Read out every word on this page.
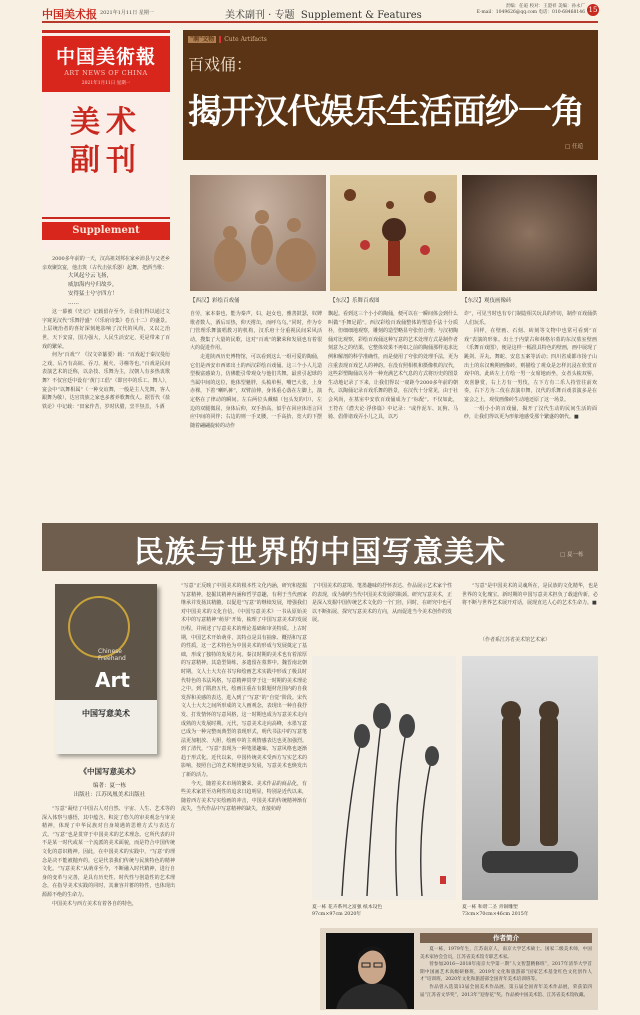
中国美术报 2021年1月11日 星期一	美术副刊 · 专题 Supplement & Features
责编：任逅 校对：王澄祥 美编：孙永广
E-mail：1049626@qq.com 电话：010-68468146 15
中国美術報
ART NEWS OF CHINA
2021年1月11日 星期一
美术副刊
Supplement
"萌"文物 Cute Artifacts
百戏俑：
揭开汉代娱乐生活面纱一角
□ 任逅
【西汉】彩绘百戏俑	【东汉】乐舞百戏图	【东汉】观伎画像砖

2000多年前的一天，汉高祖刘邦在家乡沛县与父老乡亲欢聚饮宴，他击筑（古代击弦乐器）起舞，把酒当歌：

大风起兮云飞扬，
威加海内兮归故乡，
安得猛士兮守四方！
……

这一幕被《史记》记载留存至今，让我们得以通过文字窥见汉代“乐舞抒盛”（《乐府诗集》卷五十二）的盛景。上层统治者的喜好深刻地影响了汉代的风尚，又以之治世，天下安富，国力强大，人民生活安定，更是带来了百戏的繁荣。

何为“百戏”？《汉文帝纂要》载：“百戏起于秦汉曼衍之戏，后乃有高絙、吞刀、履火、寻橦等也。”百戏是民间表演艺术的泛称，以杂技、乐舞为主，汉朝人有多热衷歌舞？不仅宫廷中设有“黄门工倡”（即宫中的乐工、舞人），宴会中“以舞相属”（一种交谊舞，一般是主人先舞，客人跟舞为敬），达官贵族之家也多蓄养歌舞伎人。据晋代《盐铁论》中记载：“田家作苦，岁时伏腊，烹羊炰羔，斗酒

自劳，家本秦也，能为秦声，妇，赵女也，雅善鼓瑟，奴婢歌者数人，酒后耳热，仰天拊缶，而呼乌乌。”同时，作为专门管理乐舞演唱教习的机构，汉乐府十分重视民间采风活动，搜集了大量的民歌，这对“百戏”的繁荣和发展也有着很大的促进作用。

走进陕西历史博物馆，可以看到这么一组可爱的陶俑，它们是西安市西郊出土的西汉彩绘百戏俑。这三个小人儿造型极富感染力，仿佛能引带观众与他们共舞。最喜引起球的当属中间的这位，他体型魁胖，头梳单髻，嘴巴大张，上身赤裸，下着“喇叭裤”，双臂前伸，身体重心落在左脚上，演定格在了律动的瞬间。左右两位头戴帻（包头发的巾），左边的双腿微屈，身体后仰，双手抬高，似乎在回应体语言回应中间的同伴；右边的则一手叉腰，一手高抬，宽大的下摆随着翩翩旋转的动作

飘起。看到这三个小小的陶俑，便可以在一瞬间体会到什么叫做“手舞足蹈”。西汉彩绘百戏俑整体的塑造手法十分质朴，但细细地观察，雕刻的造型略显夸张但合理；与汉初陶俑对比观察，彩绘百戏俑这种写意的艺术处理方式是制作者刻意为之的结果，它整体效果不再如之前的陶俑那样追求比例和解剖的科学准确性，而是使用了夸张的处理手法，更为注重表现百戏艺人的神韵。在没有照相机和摄像机的汉代，这些彩塑陶俑以另外一种充满艺术气息的方式将历史的图景生动地记录了下来，让我们得以一窥距今2000多年前的朝代。以陶俑记录百戏乐舞的胜景，在汉代十分常见，由于社会风尚，在墓室中安放百戏俑成为了“标配”。不仅如此，王符在《潜夫论·浮侈篇》中记录：“或作泥车、瓦狗、马骑、倡俳诸戏弄小儿之具，以巧

诈”，可见当时也有专门制造相关玩具的作坊，制作百戏俑供人们玩乐。

同样，在壁画、石刻、砖刻等文物中也常可看到“百戏”表演的形象。出土于内蒙古和林格尔墓的东汉墓室壁画《乐舞百戏图》，便是这样一幅很具特色的壁画，画中展现了跳剑、弄丸、舞蛇、安息五案等活动；四川省成都市扬子山出土的东汉晚期画像砖，则描绘了观众是怎样沉浸在欣赏百戏中的。此砖左上方绘一男一女席地而坐，女者头梳双髻，欢喜静赏，右上方有一男伎，左下方有二乐人持管往前欢奏，右下方为二伎在表演巾舞，汉代的乐舞百戏表演多是在宴会之上，观伎画像砖生动地还原了这一场景。

一组小小的百戏俑，揭开了汉代生动的民间生活的面纱，让我们得以更为形象地感受那个繁盛的朝代。■

民族与世界的中国写意美术	□ 夏一栋
Chinese
Freehand
Art
中国写意美术
《中国写意美术》
编著：夏一栋
出版社：江苏凤凰美术出版社

“写意”凝结了中国古人对自然、宇宙、人生、艺术等的深入体察与感悟，其中蕴含、积淀了悠久的审美观念与审美精神，体现了中华民族对自身境遇的思维方式与表达方式。“写意”也是贯穿于中国美术的艺术理念。它所代表的并不是某一时代或某一个流派的美术面貌，而是符合中国传统文化的意识精神。因此，在中国美术的实践中，“写意”的理念是决不能被抛弃的，它是代表我们传统与民族特色的精神文化。“写意美术”从萌芽至今，不断融入时代精神，进行自身的变革与完善，是具有历史性、时代性与创造性的艺术理念，在指导美术实践的同时，其兼容并蓄的特性，也体现出源源不绝的生命力。

中国美术与西方美术有着各自的特色，

“写意”正反映了中国美术的根本性文化内涵，研究和挖掘写意精神，挖掘其精神内涵和哲学意趣，有利于当代画家继承并发扬其精髓，以促进“写意”的继续发展，增强我们对中国美术的文化自信。《中国写意美术》一书从原始美术中的写意精神“萌芽”开始，梳理了中国写意美术的发展历程，并阐述了写意美术的理论基础和审美特质。上古时期，中国艺术开始萌芽，其特点是具有抽象、概括和写意的性质，这一艺术特色为中国美术的形成与发展奠定了基础，形成了独特的发展方向。秦汉时期的美术也有着浓厚的写意精神，其造型简练，多遗留在墓葬中。魏晋南北朝时期，文人士大夫在书写和绘画艺术实践中形成了极具时代特色的书法风格，写意精神贯穿于这一时期的美术理论之中。到了隋唐五代，绘画注重在有限题材范围内的自我发挥和美感的表达，进入到了“写意”的“自觉”阶段。宋代文人士大夫之间所形成的文人画观念，表现出一种自我抒发、打发情怀的写意风格，这一时期也成为写意美术走向成熟的大发展时期。元代，写意美术走向高峰，水墨写意已成为一种完整而典型的表现形式，明代书法中的写意笔法更加粗放、大胆，绘画中的主观情感表达也更加强烈。到了清代，“写意”表现为一种笔墨趣味，写意风格也逐渐趋于形式化。近代以来，中国传统美术受西方写实艺术的影响，按照自己的艺术规律逐步发展，写意美术也焕发出了新的活力。

今天，随着美术市场的繁荣、美术作品的商品化，有些美术家甚至功利性的追求日趋明显，特别是近代以来，随着西方美术写实绘画的冲击，中国美术的传统精神渐有流失，当代作品中写意精神的缺失，直接妨碍

了中国美术的意境、笔墨趣味的抒怀表达、作品展示艺术家个性的表现，成为制约当代中国美术发展的瓶颈。研究写意美术，正是深入发掘中国传统艺术文化的一个门径，同时，在研究中也可以不断拓展、探究写意美术的方向，从而促进当今美术创作的发展。

“写意”是中国美术的灵魂所在，是民族的文化精华，也是世界的文化瑰宝。新时期的中国写意美术担负了载道传新，必将不断与世界艺术展开对话，展现直达人心的艺术生命力。■

（作者系江苏省美术馆艺术家）
夏一栋 花卉系列之富强 纸本设色
97cm×97cm 2020年
夏一栋 和谐二圣 青铜雕塑
73cm×70cm×46cm 2015年
作者简介

夏一栋，1979年生，江苏南京人，南京大学艺术硕士。国家二级美术师，中国美术家协会会员，江苏省美术馆专职艺术家。

曾参加2016—2018年南京大学第一期“人文智慧精修班”，2017年清华大学首期中国画艺术高级研修班，2019年文化和旅游部“国家艺术基金红色文化创作人才”培训班，2020年文化和旅游部全国青年美术培训班等。

作品曾入选第13届全国美术作品展、第五届全国青年美术作品展，荣获第四届“江苏省文华奖”，2013年“迎春花”奖。作品被中国美术馆、江苏省美术馆收藏。
